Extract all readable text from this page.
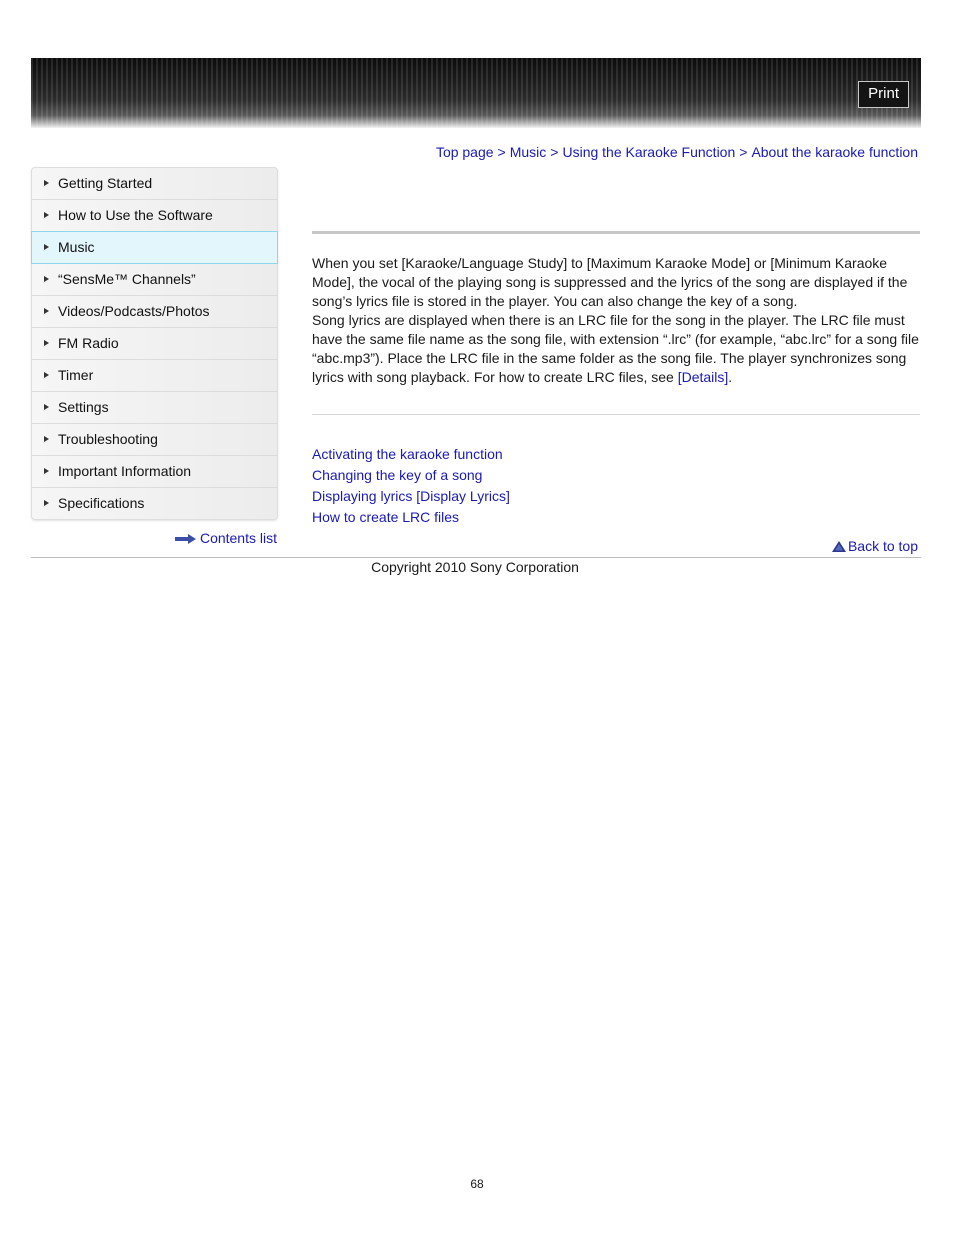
Print
Top page > Music > Using the Karaoke Function > About the karaoke function
Getting Started
How to Use the Software
Music
“SensMe™ Channels”
Videos/Podcasts/Photos
FM Radio
Timer
Settings
Troubleshooting
Important Information
Specifications
Contents list

When you set [Karaoke/Language Study] to [Maximum Karaoke Mode] or [Minimum Karaoke Mode], the vocal of the playing song is suppressed and the lyrics of the song are displayed if the song’s lyrics file is stored in the player. You can also change the key of a song.

Song lyrics are displayed when there is an LRC file for the song in the player. The LRC file must have the same file name as the song file, with extension “.lrc” (for example, “abc.lrc” for a song file “abc.mp3”). Place the LRC file in the same folder as the song file. The player synchronizes song lyrics with song playback. For how to create LRC files, see [Details].

Activating the karaoke function
Changing the key of a song
Displaying lyrics [Display Lyrics]
How to create LRC files
Back to top
Copyright 2010 Sony Corporation
68
